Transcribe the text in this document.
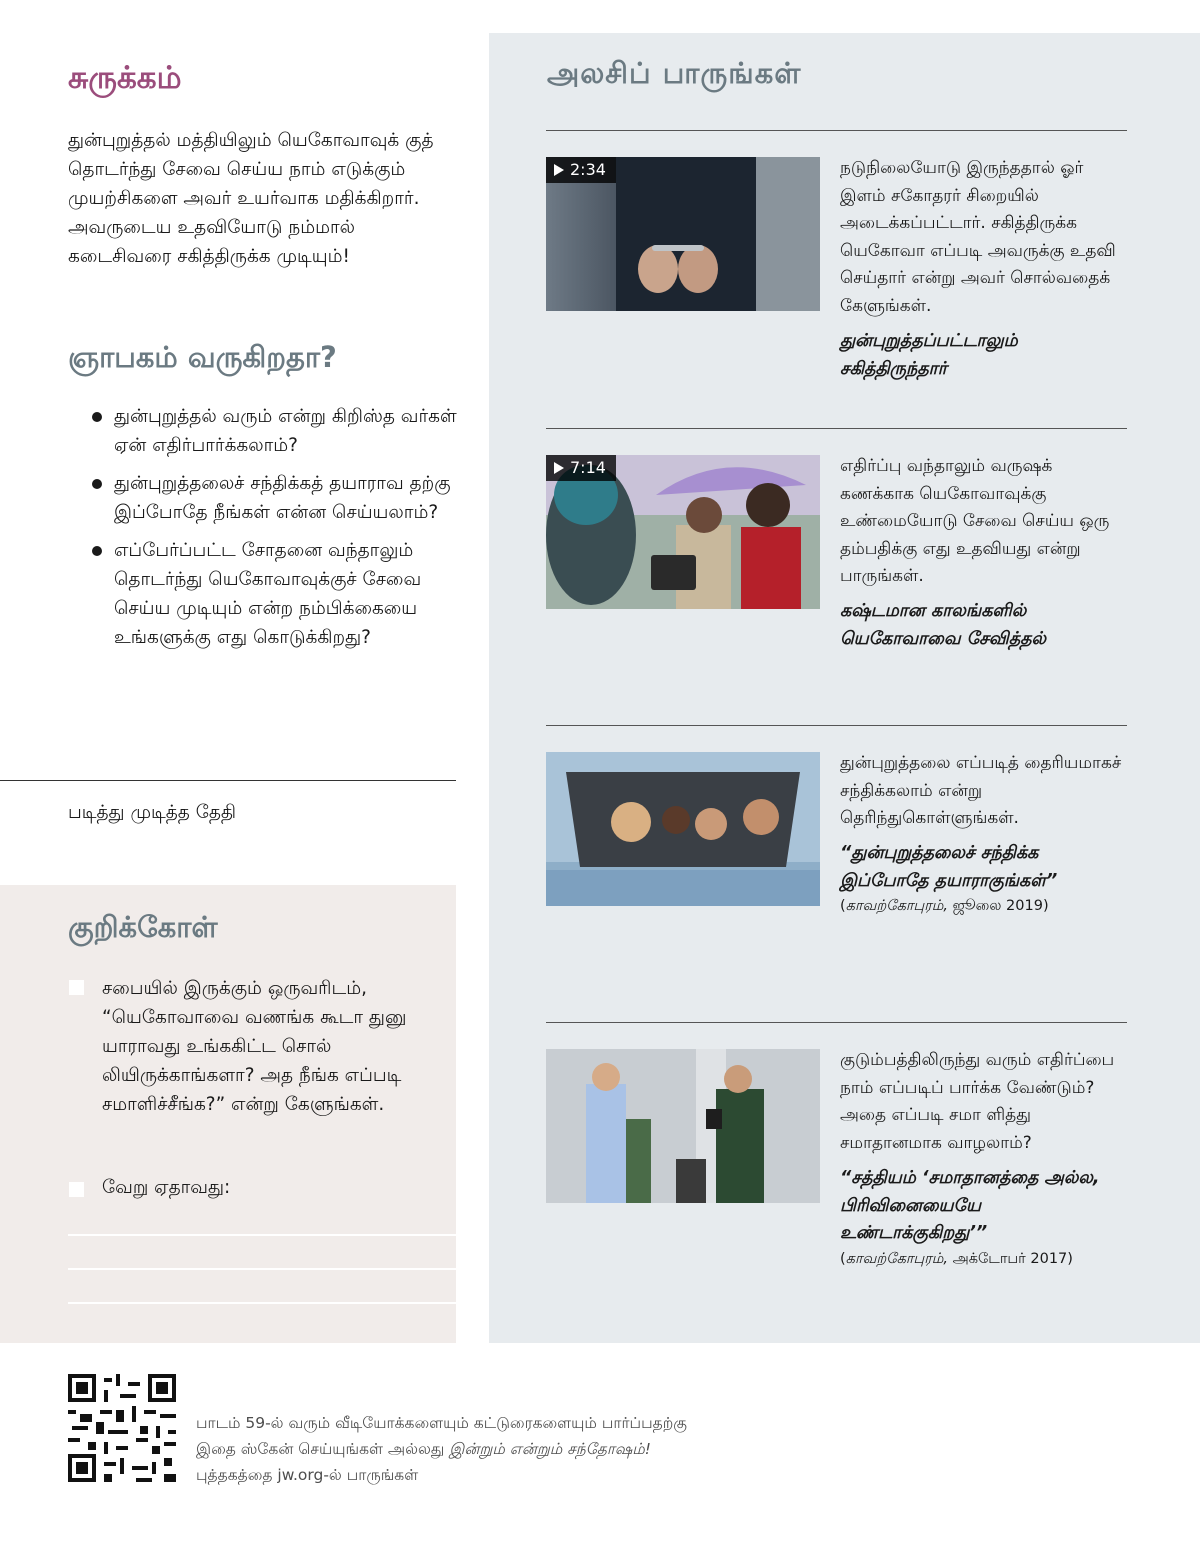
சுருக்கம்

துன்புறுத்தல் மத்தியிலும் யெகோவாவுக் குத் தொடர்ந்து சேவை செய்ய நாம் எடுக்கும் முயற்சிகளை அவர் உயர்வாக மதிக்கிறார். அவருடைய உதவியோடு நம்மால் கடைசிவரை சகித்திருக்க முடியும்!

ஞாபகம் வருகிறதா?
துன்புறுத்தல் வரும் என்று கிறிஸ்த வர்கள் ஏன் எதிர்பார்க்கலாம்?
துன்புறுத்தலைச் சந்திக்கத் தயாராவ தற்கு இப்போதே நீங்கள் என்ன செய்யலாம்?
எப்பேர்ப்பட்ட சோதனை வந்தாலும் தொடர்ந்து யெகோவாவுக்குச் சேவை செய்ய முடியும் என்ற நம்பிக்கையை உங்களுக்கு எது கொடுக்கிறது?
படித்து முடித்த தேதி
குறிக்கோள்
சபையில் இருக்கும் ஒருவரிடம், “யெகோவாவை வணங்க கூடா துனு யாராவது உங்ககிட்ட சொல் லியிருக்காங்களா? அத நீங்க எப்படி சமாளிச்சீங்க?” என்று கேளுங்கள்.
வேறு ஏதாவது:
அலசிப் பாருங்கள்
2:34	நடுநிலையோடு இருந்ததால் ஓர் இளம் சகோதரர் சிறையில் அடைக்கப்பட்டார். சகித்திருக்க யெகோவா எப்படி அவருக்கு உதவி செய்தார் என்று அவர் சொல்வதைக் கேளுங்கள்.
துன்புறுத்தப்பட்டாலும் சகித்திருந்தார்
7:14	எதிர்ப்பு வந்தாலும் வருஷக் கணக்காக யெகோவாவுக்கு உண்மையோடு சேவை செய்ய ஒரு தம்பதிக்கு எது உதவியது என்று பாருங்கள்.
கஷ்டமான காலங்களில் யெகோவாவை சேவித்தல்
துன்புறுத்தலை எப்படித் தைரியமாகச் சந்திக்கலாம் என்று தெரிந்துகொள்ளுங்கள்.
“துன்புறுத்தலைச் சந்திக்க இப்போதே தயாராகுங்கள்”
(காவற்கோபுரம், ஜூலை 2019)
குடும்பத்திலிருந்து வரும் எதிர்ப்பை நாம் எப்படிப் பார்க்க வேண்டும்? அதை எப்படி சமா ளித்து சமாதானமாக வாழலாம்?
“சத்தியம் ‘சமாதானத்தை அல்ல, பிரிவினையையே உண்டாக்குகிறது’”
(காவற்கோபுரம், அக்டோபர் 2017)
பாடம் 59-ல் வரும் வீடியோக்களையும் கட்டுரைகளையும் பார்ப்பதற்கு இதை ஸ்கேன் செய்யுங்கள் அல்லது இன்றும் என்றும் சந்தோஷம்! புத்தகத்தை jw.org-ல் பாருங்கள்
